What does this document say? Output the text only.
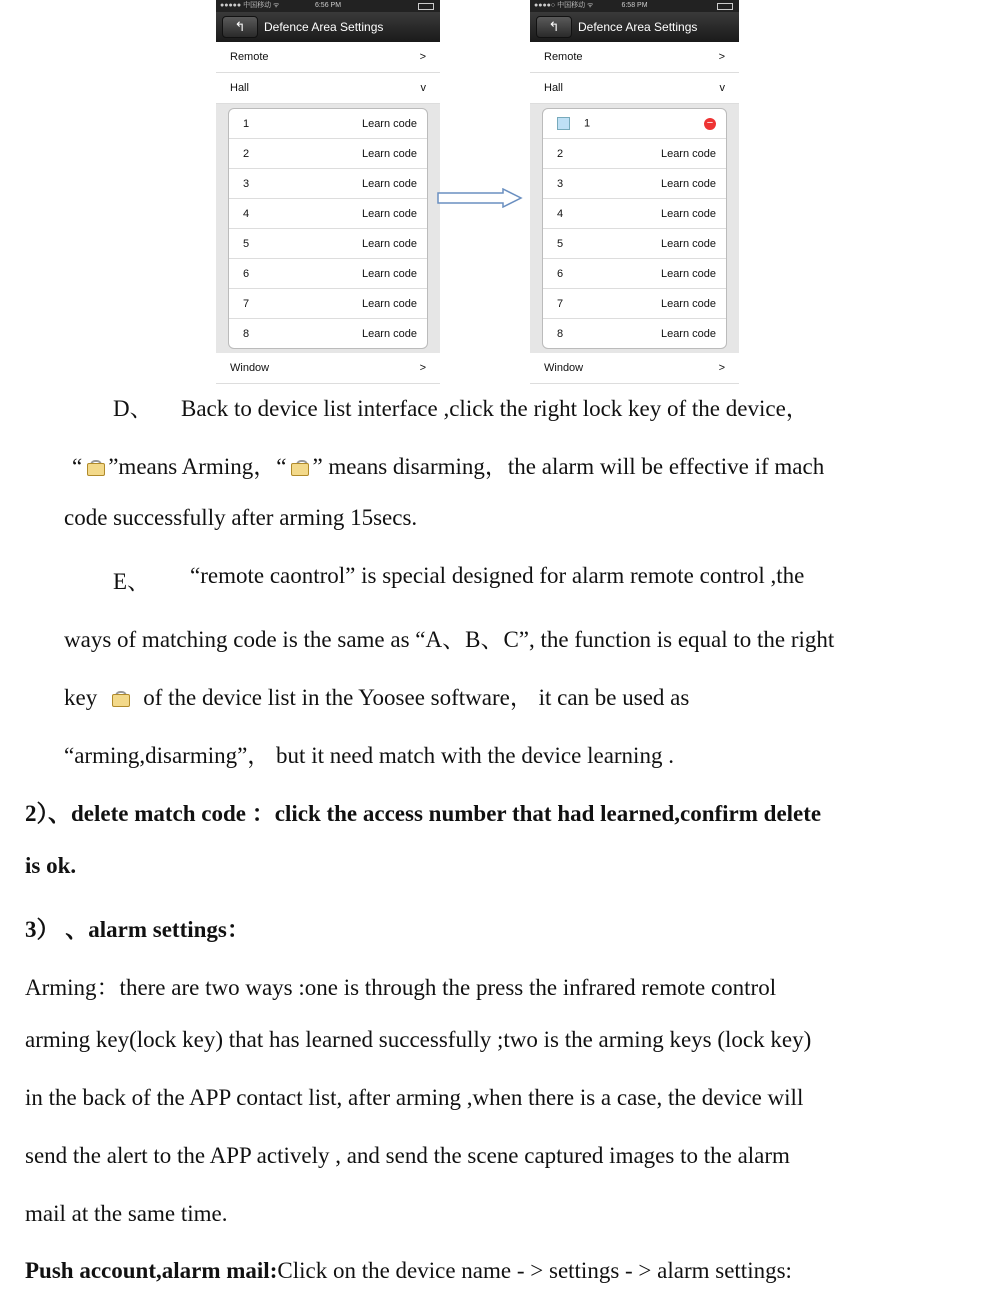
●●●●● 中国移动 ᯤ	6:56 PM
↰ Defence Area Settings
Remote	>
Hall	v
1	Learn code
2	Learn code
3	Learn code
4	Learn code
5	Learn code
6	Learn code
7	Learn code
8	Learn code
Window	>
●●●●○ 中国移动 ᯤ	6:58 PM
↰ Defence Area Settings
Remote	>
Hall	v
1	−
2	Learn code
3	Learn code
4	Learn code
5	Learn code
6	Learn code
7	Learn code
8	Learn code
Window	>
D、 Back to device list interface ,click the right lock key of the device，
“ ”means Arming，“ ” means disarming，the alarm will be effective if mach
code successfully after arming 15secs.
E、 “remote caontrol” is special designed for alarm remote control ,the
ways of matching code is the same as “A、B、C”, the function is equal to the right
key of the device list in the Yoosee software， it can be used as
“arming,disarming”， but it need match with the device learning .
2）、delete match code ：click the access number that had learned,confirm delete
is ok.
3） 、alarm settings：
Arming：there are two ways :one is through the press the infrared remote control
arming key(lock key) that has learned successfully ;two is the arming keys (lock key)
in the back of the APP contact list, after arming ,when there is a case, the device will
send the alert to the APP actively , and send the scene captured images to the alarm
mail at the same time.
Push account,alarm mail:Click on the device name - > settings - > alarm settings:
